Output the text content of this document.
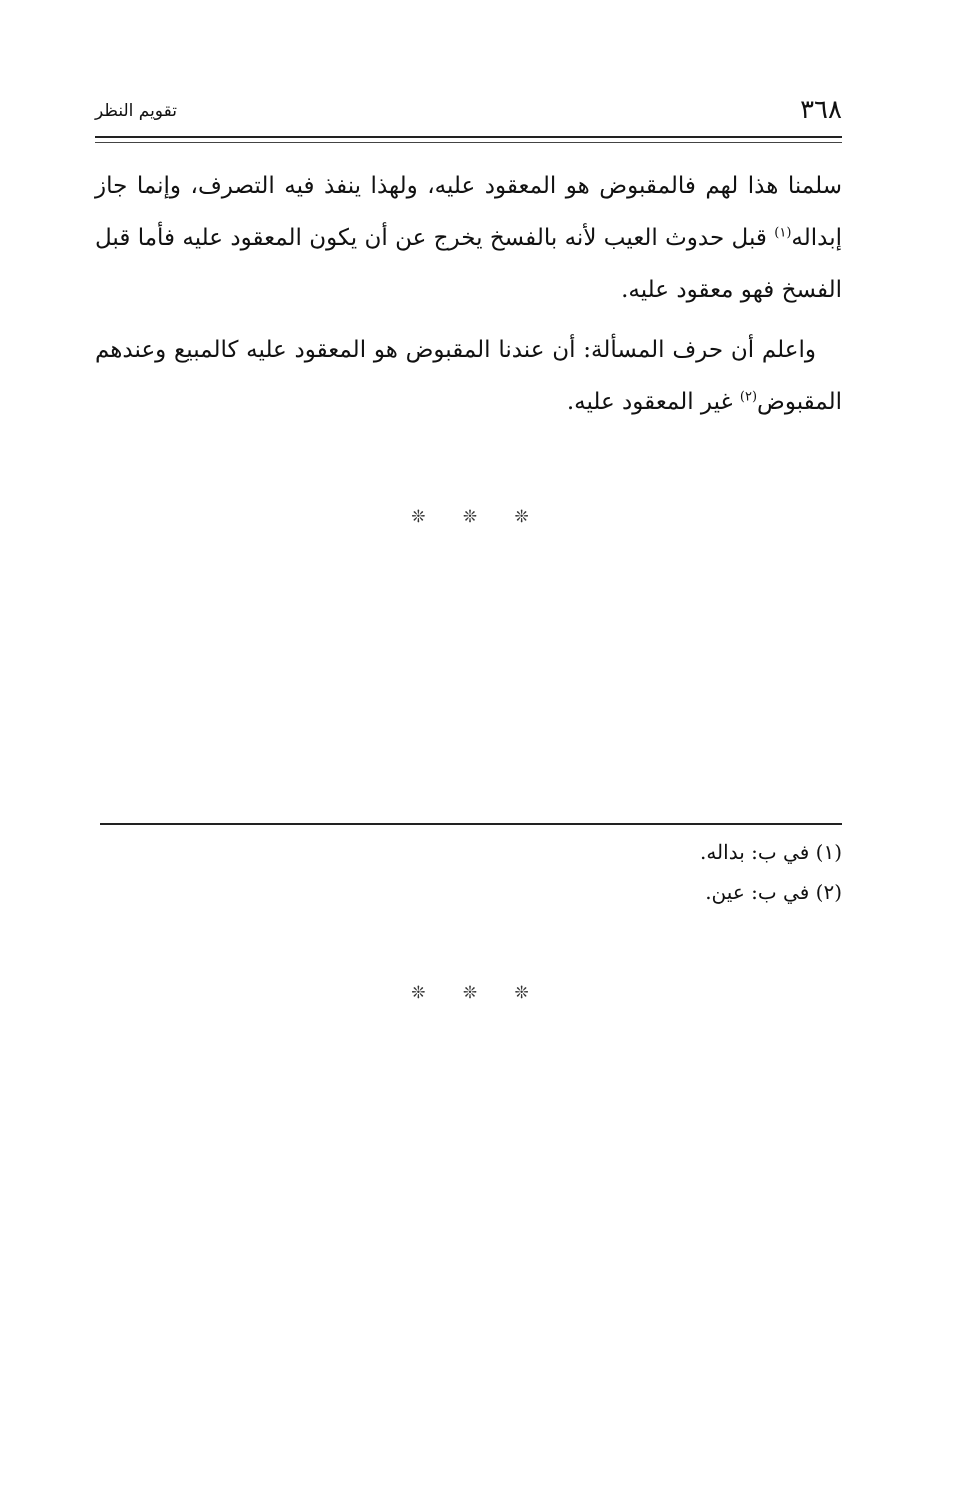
٣٦٨
تقويم النظر

سلمنا هذا لهم فالمقبوض هو المعقود عليه، ولهذا ينفذ فيه التصرف، وإنما جاز إبداله$^{(١)}$ قبل حدوث العيب لأنه بالفسخ يخرج عن أن يكون المعقود عليه فأما قبل الفسخ فهو معقود عليه.

واعلم أن حرف المسألة: أن عندنا المقبوض هو المعقود عليه كالمبيع وعندهم المقبوض$^{(٢)}$ غير المعقود عليه.

❊ ❊ ❊

(١) في ب: بداله.

(٢) في ب: عين.

❊ ❊ ❊
